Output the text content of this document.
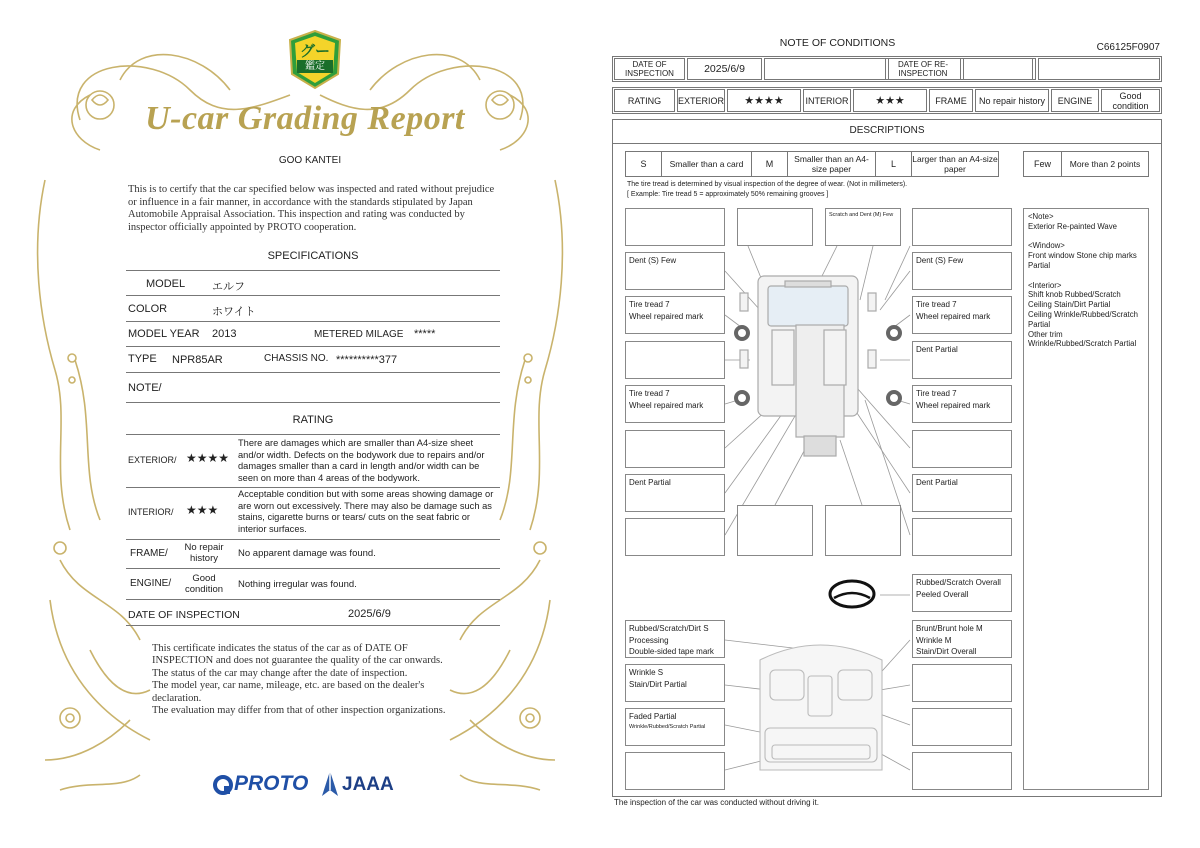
グー
鑑定
U-car Grading Report
GOO KANTEI
This is to certify that the car specified below was inspected and rated without prejudice or influence in a fair manner, in accordance with the standards stipulated by Japan Automobile Appraisal Association. This inspection and rating was conducted by inspector officially appointed by PROTO cooperation.
SPECIFICATIONS
MODEL エルフ
COLOR	ホワイト
MODEL YEAR 2013	METERED MILAGE *****
TYPE NPR85AR	CHASSIS NO. **********377
NOTE/
RATING
EXTERIOR/ ★★★★
There are damages which are smaller than A4-size sheet and/or width. Defects on the bodywork due to repairs and/or damages smaller than a card in length and/or width can be seen on more than 4 areas of the bodywork.
INTERIOR/ ★★★
Acceptable condition but with some areas showing damage or are worn out excessively. There may also be damage such as stains, cigarette burns or tears/ cuts on the seat fabric or interior surfaces.
FRAME/
No repair history	No apparent damage was found.
ENGINE/	Good condition	Nothing irregular was found.
DATE OF INSPECTION	2025/6/9
This certificate indicates the status of the car as of DATE OF
INSPECTION and does not guarantee the quality of the car onwards.
The status of the car may change after the date of inspection.
The model year, car name, mileage, etc. are based on the dealer's
declaration.
The evaluation may differ from that of other inspection organizations.
PROTO JAAA
NOTE OF CONDITIONS	C66125F0907
DATE OF INSPECTION	2025/6/9	DATE OF RE-INSPECTION
RATING	EXTERIOR	★★★★	INTERIOR	★★★	FRAME	No repair history	ENGINE	Good condition
DESCRIPTIONS
S	Smaller than a card	M	Smaller than an A4-size paper	L	Larger than an A4-size paper	Few	More than 2 points
The tire tread is determined by visual inspection of the degree of wear. (Not in millimeters).
[ Example: Tire tread 5 = approximately 50% remaining grooves ]
Scratch and Dent (M) Few
Dent (S) Few	Dent (S) Few
Tire tread 7
Wheel repaired mark
Tire tread 7
Wheel repaired mark
Dent Partial
Tire tread 7
Wheel repaired mark
Tire tread 7
Wheel repaired mark
Dent Partial	Dent Partial
Rubbed/Scratch Overall
Peeled Overall
Rubbed/Scratch/Dirt S
Processing
Double-sided tape mark
Brunt/Brunt hole M
Wrinkle M
Stain/Dirt Overall
Wrinkle S
Stain/Dirt Partial
Faded Partial
Wrinkle/Rubbed/Scratch Partial
<Note>
Exterior Re-painted Wave
<Window>
Front window Stone chip marks Partial
<Interior>
Shift knob Rubbed/Scratch
Ceiling Stain/Dirt Partial
Ceiling Wrinkle/Rubbed/Scratch Partial
Other trim Wrinkle/Rubbed/Scratch Partial
The inspection of the car was conducted without driving it.
